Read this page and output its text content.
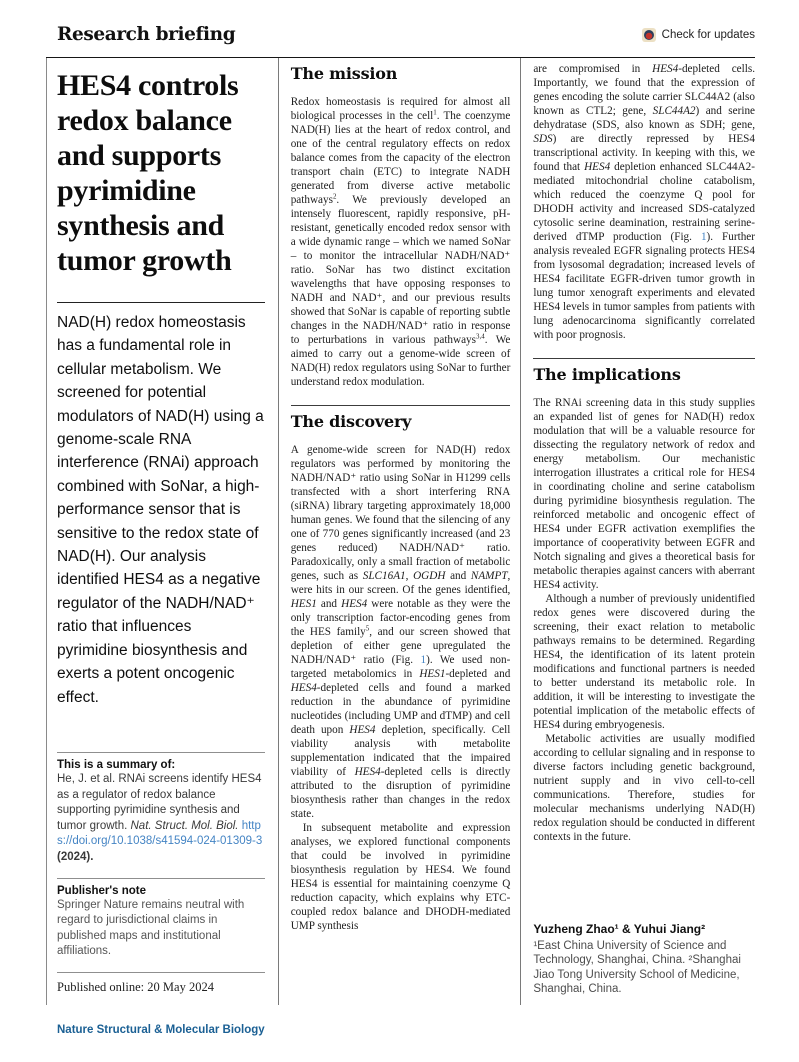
Research briefing	Check for updates
HES4 controls redox balance and supports pyrimidine synthesis and tumor growth

NAD(H) redox homeostasis has a fundamental role in cellular metabolism. We screened for potential modulators of NAD(H) using a genome-scale RNA interference (RNAi) approach combined with SoNar, a high-performance sensor that is sensitive to the redox state of NAD(H). Our analysis identified HES4 as a negative regulator of the NADH/NAD⁺ ratio that influences pyrimidine biosynthesis and exerts a potent oncogenic effect.

This is a summary of:

He, J. et al. RNAi screens identify HES4 as a regulator of redox balance supporting pyrimidine synthesis and tumor growth. Nat. Struct. Mol. Biol. https://doi.org/10.1038/s41594-024-01309-3 (2024).

Publisher's note

Springer Nature remains neutral with regard to jurisdictional claims in published maps and institutional affiliations.

Published online: 20 May 2024

The mission

Redox homeostasis is required for almost all biological processes in the cell$^1$. The coenzyme NAD(H) lies at the heart of redox control, and one of the central regulatory effects on redox balance comes from the capacity of the electron transport chain (ETC) to integrate NADH generated from diverse active metabolic pathways$^2$. We previously developed an intensely fluorescent, rapidly responsive, pH-resistant, genetically encoded redox sensor with a wide dynamic range – which we named SoNar – to monitor the intracellular NADH/NAD⁺ ratio. SoNar has two distinct excitation wavelengths that have opposing responses to NADH and NAD⁺, and our previous results showed that SoNar is capable of reporting subtle changes in the NADH/NAD⁺ ratio in response to perturbations in various pathways$^{3,4}$. We aimed to carry out a genome-wide screen of NAD(H) redox regulators using SoNar to further understand redox modulation.

The discovery

A genome-wide screen for NAD(H) redox regulators was performed by monitoring the NADH/NAD⁺ ratio using SoNar in H1299 cells transfected with a short interfering RNA (siRNA) library targeting approximately 18,000 human genes. We found that the silencing of any one of 770 genes significantly increased (and 23 genes reduced) NADH/NAD⁺ ratio. Paradoxically, only a small fraction of metabolic genes, such as SLC16A1, OGDH and NAMPT, were hits in our screen. Of the genes identified, HES1 and HES4 were notable as they were the only transcription factor-encoding genes from the HES family$^5$, and our screen showed that depletion of either gene upregulated the NADH/NAD⁺ ratio (Fig. 1). We used non-targeted metabolomics in HES1-depleted and HES4-depleted cells and found a marked reduction in the abundance of pyrimidine nucleotides (including UMP and dTMP) and cell death upon HES4 depletion, specifically. Cell viability analysis with metabolite supplementation indicated that the impaired viability of HES4-depleted cells is directly attributed to the disruption of pyrimidine biosynthesis rather than changes in the redox state.

In subsequent metabolite and expression analyses, we explored functional components that could be involved in pyrimidine biosynthesis regulation by HES4. We found HES4 is essential for maintaining coenzyme Q reduction capacity, which explains why ETC-coupled redox balance and DHODH-mediated UMP synthesis

are compromised in HES4-depleted cells. Importantly, we found that the expression of genes encoding the solute carrier SLC44A2 (also known as CTL2; gene, SLC44A2) and serine dehydratase (SDS, also known as SDH; gene, SDS) are directly repressed by HES4 transcriptional activity. In keeping with this, we found that HES4 depletion enhanced SLC44A2-mediated mitochondrial choline catabolism, which reduced the coenzyme Q pool for DHODH activity and increased SDS-catalyzed cytosolic serine deamination, restraining serine-derived dTMP production (Fig. 1). Further analysis revealed EGFR signaling protects HES4 from lysosomal degradation; increased levels of HES4 facilitate EGFR-driven tumor growth in lung tumor xenograft experiments and elevated HES4 levels in tumor samples from patients with lung adenocarcinoma significantly correlated with poor prognosis.

The implications

The RNAi screening data in this study supplies an expanded list of genes for NAD(H) redox modulation that will be a valuable resource for dissecting the regulatory network of redox and energy metabolism. Our mechanistic interrogation illustrates a critical role for HES4 in coordinating choline and serine catabolism during pyrimidine biosynthesis regulation. The reinforced metabolic and oncogenic effect of HES4 under EGFR activation exemplifies the importance of cooperativity between EGFR and Notch signaling and gives a theoretical basis for metabolic therapies against cancers with aberrant HES4 activity.

Although a number of previously unidentified redox genes were discovered during the screening, their exact relation to metabolic pathways remains to be determined. Regarding HES4, the identification of its latent protein modifications and functional partners is needed to better understand its metabolic role. In addition, it will be interesting to investigate the potential implication of the metabolic effects of HES4 during embryogenesis.

Metabolic activities are usually modified according to cellular signaling and in response to diverse factors including genetic background, nutrient supply and in vivo cell-to-cell communications. Therefore, studies for molecular mechanisms underlying NAD(H) redox regulation should be conducted in different contexts in the future.

Yuzheng Zhao¹ & Yuhui Jiang²

¹East China University of Science and Technology, Shanghai, China. ²Shanghai Jiao Tong University School of Medicine, Shanghai, China.

Nature Structural & Molecular Biology
